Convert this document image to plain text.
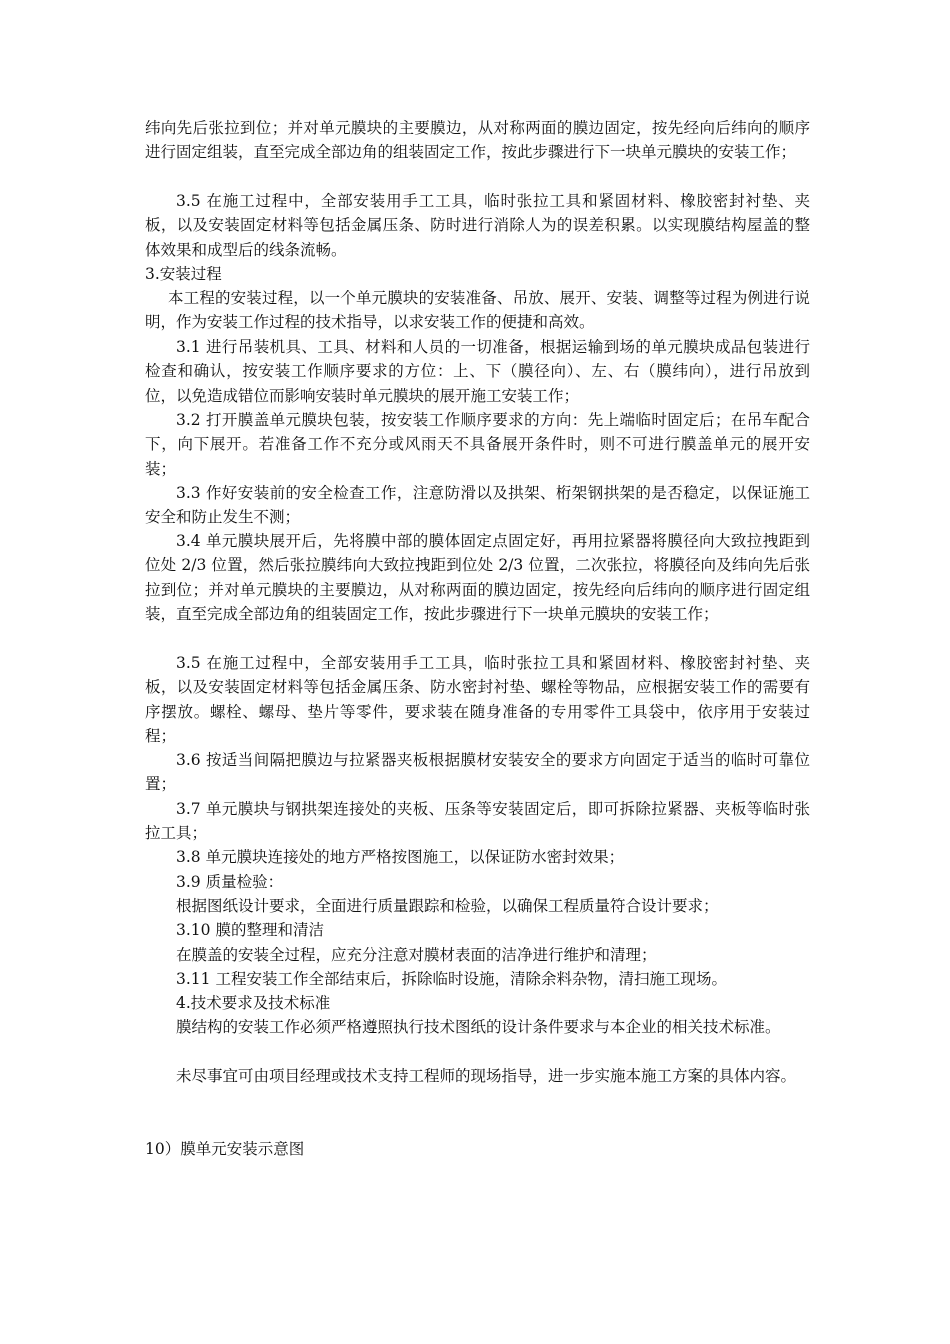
纬向先后张拉到位；并对单元膜块的主要膜边，从对称两面的膜边固定，按先经向后纬向的顺序进行固定组装，直至完成全部边角的组装固定工作，按此步骤进行下一块单元膜块的安装工作；

3.5 在施工过程中，全部安装用手工工具，临时张拉工具和紧固材料、橡胶密封衬垫、夹板，以及安装固定材料等包括金属压条、防时进行消除人为的误差积累。以实现膜结构屋盖的整体效果和成型后的线条流畅。

3.安装过程

本工程的安装过程，以一个单元膜块的安装准备、吊放、展开、安装、调整等过程为例进行说明，作为安装工作过程的技术指导，以求安装工作的便捷和高效。

3.1 进行吊装机具、工具、材料和人员的一切准备，根据运输到场的单元膜块成品包装进行检查和确认，按安装工作顺序要求的方位：上、下（膜径向）、左、右（膜纬向），进行吊放到位，以免造成错位而影响安装时单元膜块的展开施工安装工作；

3.2 打开膜盖单元膜块包装，按安装工作顺序要求的方向：先上端临时固定后；在吊车配合下，向下展开。若准备工作不充分或风雨天不具备展开条件时，则不可进行膜盖单元的展开安装；

3.3 作好安装前的安全检查工作，注意防滑以及拱架、桁架钢拱架的是否稳定，以保证施工安全和防止发生不测；

3.4 单元膜块展开后，先将膜中部的膜体固定点固定好，再用拉紧器将膜径向大致拉拽距到位处 2/3 位置，然后张拉膜纬向大致拉拽距到位处 2/3 位置，二次张拉，将膜径向及纬向先后张拉到位；并对单元膜块的主要膜边，从对称两面的膜边固定，按先经向后纬向的顺序进行固定组装，直至完成全部边角的组装固定工作，按此步骤进行下一块单元膜块的安装工作；

3.5 在施工过程中，全部安装用手工工具，临时张拉工具和紧固材料、橡胶密封衬垫、夹板，以及安装固定材料等包括金属压条、防水密封衬垫、螺栓等物品，应根据安装工作的需要有序摆放。螺栓、螺母、垫片等零件，要求装在随身准备的专用零件工具袋中，依序用于安装过程；

3.6 按适当间隔把膜边与拉紧器夹板根据膜材安装安全的要求方向固定于适当的临时可靠位置；

3.7 单元膜块与钢拱架连接处的夹板、压条等安装固定后，即可拆除拉紧器、夹板等临时张拉工具；

3.8 单元膜块连接处的地方严格按图施工，以保证防水密封效果；

3.9 质量检验：

根据图纸设计要求，全面进行质量跟踪和检验，以确保工程质量符合设计要求；

3.10 膜的整理和清洁

在膜盖的安装全过程，应充分注意对膜材表面的洁净进行维护和清理；

3.11 工程安装工作全部结束后，拆除临时设施，清除余料杂物，清扫施工现场。

4.技术要求及技术标准

膜结构的安装工作必须严格遵照执行技术图纸的设计条件要求与本企业的相关技术标准。

未尽事宜可由项目经理或技术支持工程师的现场指导，进一步实施本施工方案的具体内容。

10）膜单元安装示意图
